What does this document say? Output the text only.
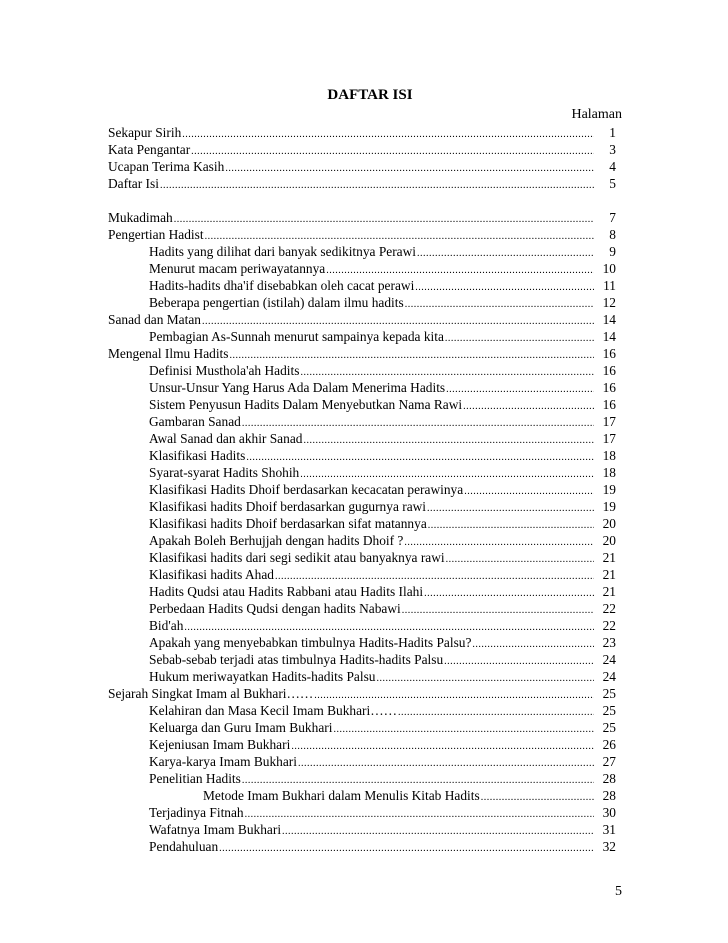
DAFTAR ISI
Halaman
Sekapur Sirih .....	1
Kata Pengantar .....	3
Ucapan Terima Kasih .....	4
Daftar Isi .....	5
Mukadimah .....	7
Pengertian Hadist .....	8
Hadits yang dilihat dari banyak sedikitnya Perawi .....	9
Menurut macam periwayatannya .....	10
Hadits-hadits dha'if disebabkan oleh cacat perawi .....	11
Beberapa pengertian (istilah) dalam ilmu hadits .....	12
Sanad dan Matan .....	14
Pembagian As-Sunnah menurut sampainya kepada kita .....	14
Mengenal Ilmu Hadits .....	16
Definisi Musthola'ah Hadits .....	16
Unsur-Unsur Yang Harus Ada Dalam Menerima Hadits .....	16
Sistem Penyusun Hadits Dalam Menyebutkan Nama Rawi .....	16
Gambaran Sanad .....	17
Awal Sanad dan akhir Sanad .....	17
Klasifikasi Hadits .....	18
Syarat-syarat Hadits Shohih .....	18
Klasifikasi Hadits Dhoif berdasarkan kecacatan perawinya .....	19
Klasifikasi hadits Dhoif berdasarkan gugurnya rawi .....	19
Klasifikasi hadits Dhoif berdasarkan sifat matannya .....	20
Apakah Boleh Berhujjah dengan hadits Dhoif ? .....	20
Klasifikasi hadits dari segi sedikit atau banyaknya rawi .....	21
Klasifikasi hadits Ahad .....	21
Hadits Qudsi atau Hadits Rabbani atau Hadits Ilahi .....	21
Perbedaan Hadits Qudsi dengan hadits Nabawi .....	22
Bid'ah .....	22
Apakah yang menyebabkan timbulnya Hadits-Hadits Palsu? .....	23
Sebab-sebab terjadi atas timbulnya Hadits-hadits Palsu .....	24
Hukum meriwayatkan Hadits-hadits Palsu .....	24
Sejarah Singkat Imam al Bukhari…… .....	25
Kelahiran dan Masa Kecil Imam Bukhari…… .....	25
Keluarga dan Guru Imam Bukhari .....	25
Kejeniusan Imam Bukhari .....	26
Karya-karya Imam Bukhari .....	27
Penelitian Hadits .....	28
Metode Imam Bukhari dalam Menulis Kitab Hadits .....	28
Terjadinya Fitnah .....	30
Wafatnya Imam Bukhari .....	31
Pendahuluan .....	32
5
